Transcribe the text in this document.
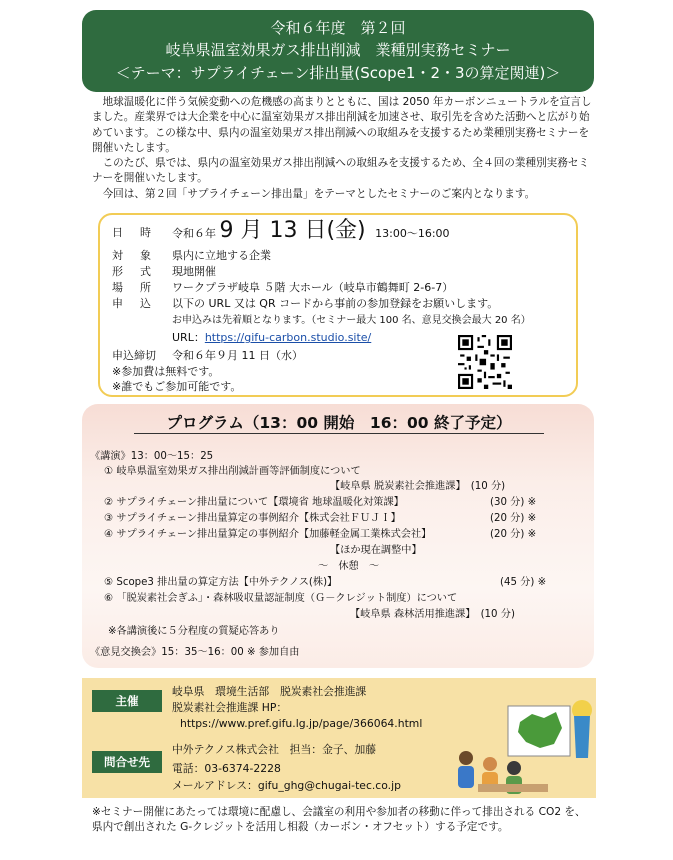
令和６年度　第２回
岐阜県温室効果ガス排出削減　業種別実務セミナー
＜テーマ：サプライチェーン排出量(Scope1・2・3の算定関連)＞

　地球温暖化に伴う気候変動への危機感の高まりとともに、国は 2050 年カーボンニュートラルを宣言しました。産業界では大企業を中心に温室効果ガス排出削減を加速させ、取引先を含めた活動へと広がり始めています。この様な中、県内の温室効果ガス排出削減への取組みを支援するため業種別実務セミナーを開催いたします。

　このたび、県では、県内の温室効果ガス排出削減への取組みを支援するため、全４回の業種別実務セミナーを開催いたします。

　今回は、第２回「サプライチェーン排出量」をテーマとしたセミナーのご案内となります。

日　時	令和６年 9 月 13 日(金) 13:00～16:00
対　象	県内に立地する企業
形　式	現地開催
場　所	ワークプラザ岐阜 ５階 大ホール（岐阜市鶴舞町 2-6-7）
申　込	以下の URL 又は QR コードから事前の参加登録をお願いします。
お申込みは先着順となります。（セミナー最大 100 名、意見交換会最大 20 名）
URL： https://gifu-carbon.studio.site/
申込締切	令和６年９月 11 日（水）
※参加費は無料です。
※誰でもご参加可能です。
プログラム（13：00 開始　16：00 終了予定）
《講演》13：00～15：25
① 岐阜県温室効果ガス排出削減計画等評価制度について
【岐阜県 脱炭素社会推進課】　(10 分)
② サプライチェーン排出量について【環境省 地球温暖化対策課】	(30 分) ※
③ サプライチェーン排出量算定の事例紹介【株式会社ＦＵＪＩ】	(20 分) ※
④ サプライチェーン排出量算定の事例紹介【加藤軽金属工業株式会社】	(20 分) ※
【ほか現在調整中】
～　休憩　～
⑤ Scope3 排出量の算定方法【中外テクノス(株)】	(45 分) ※
⑥ 「脱炭素社会ぎふ」・森林吸収量認証制度（Ｇ－クレジット制度）について
【岐阜県 森林活用推進課】　(10 分)
※各講演後に５分程度の質疑応答あり
《意見交換会》15：35～16：00 ※ 参加自由
主催
岐阜県　環境生活部　脱炭素社会推進課
脱炭素社会推進課 HP：
https://www.pref.gifu.lg.jp/page/366064.html
問合せ先
中外テクノス株式会社　担当：金子、加藤
電話：03-6374-2228
メールアドレス：gifu_ghg@chugai-tec.co.jp
※セミナー開催にあたっては環境に配慮し、会議室の利用や参加者の移動に伴って排出される CO2 を、県内で創出された G-クレジットを活用し相殺（カーボン・オフセット）する予定です。
